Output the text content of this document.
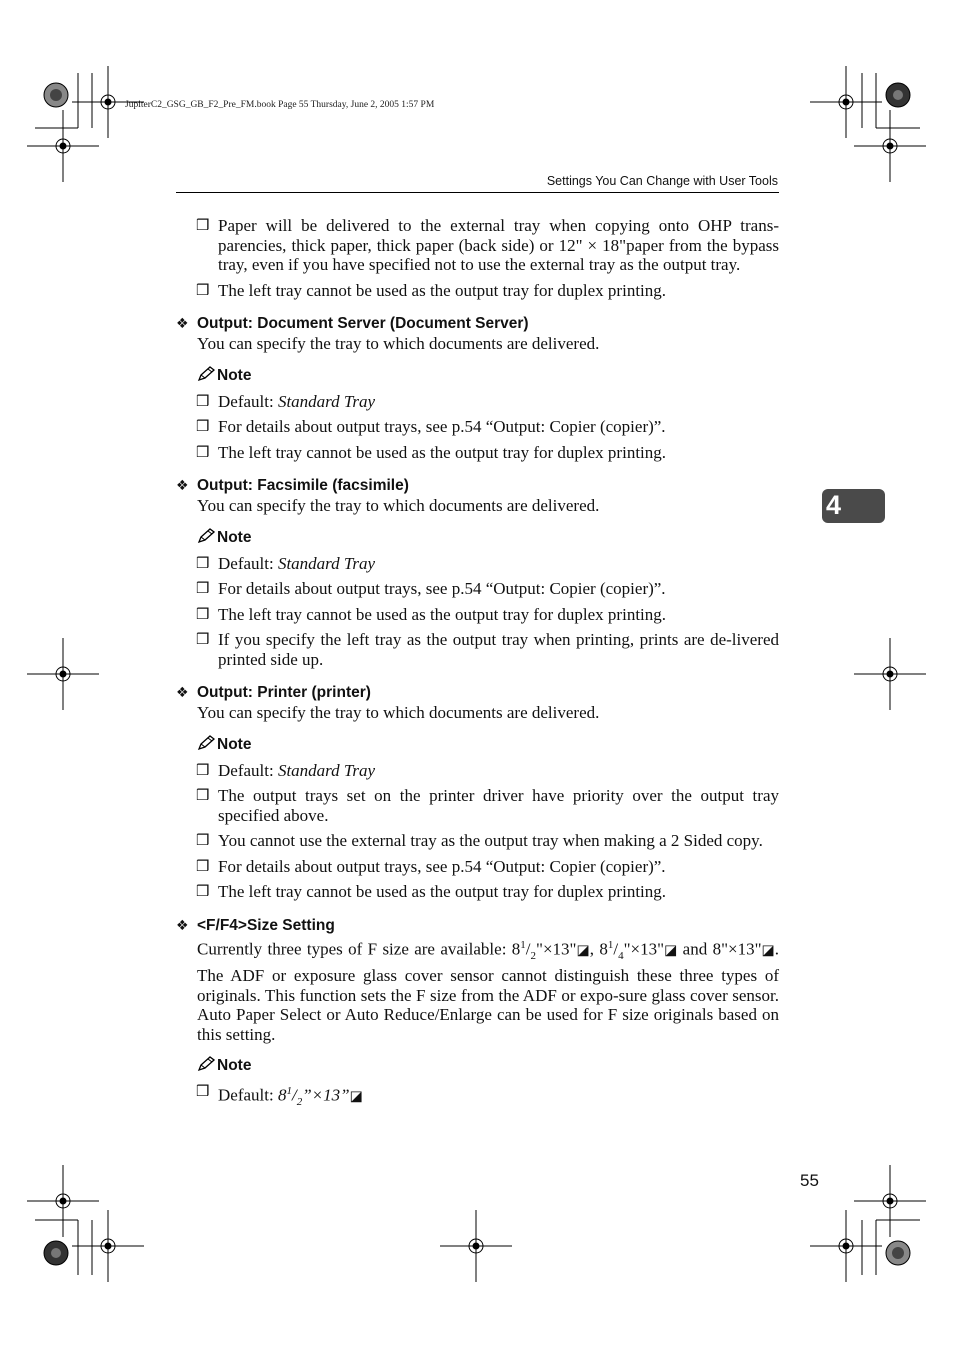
JupiterC2_GSG_GB_F2_Pre_FM.book Page 55 Thursday, June 2, 2005 1:57 PM
Settings You Can Change with User Tools
❒ Paper will be delivered to the external tray when copying onto OHP trans-parencies, thick paper, thick paper (back side) or 12" × 18"paper from the bypass tray, even if you have specified not to use the external tray as the output tray.
❒ The left tray cannot be used as the output tray for duplex printing.
❖ Output: Document Server (Document Server)
You can specify the tray to which documents are delivered.
Note
❒ Default: Standard Tray
❒ For details about output trays, see p.54 “Output: Copier (copier)”.
❒ The left tray cannot be used as the output tray for duplex printing.
❖ Output: Facsimile (facsimile)
You can specify the tray to which documents are delivered.
Note
❒ Default: Standard Tray
❒ For details about output trays, see p.54 “Output: Copier (copier)”.
❒ The left tray cannot be used as the output tray for duplex printing.
❒ If you specify the left tray as the output tray when printing, prints are de-livered printed side up.
❖ Output: Printer (printer)
You can specify the tray to which documents are delivered.
Note
❒ Default: Standard Tray
❒ The output trays set on the printer driver have priority over the output tray specified above.
❒ You cannot use the external tray as the output tray when making a 2 Sided copy.
❒ For details about output trays, see p.54 “Output: Copier (copier)”.
❒ The left tray cannot be used as the output tray for duplex printing.
❖ <F/F4>Size Setting
Currently three types of F size are available: $8^1/_2"\times 13"◪$, $8^1/_4"\times 13"◪$ and 8"×13"◪. The ADF or exposure glass cover sensor cannot distinguish these three types of originals. This function sets the F size from the ADF or expo-sure glass cover sensor. Auto Paper Select or Auto Reduce/Enlarge can be used for F size originals based on this setting.
Note
❒ Default: $8^1/_2”\times 13”◪$
4
55
